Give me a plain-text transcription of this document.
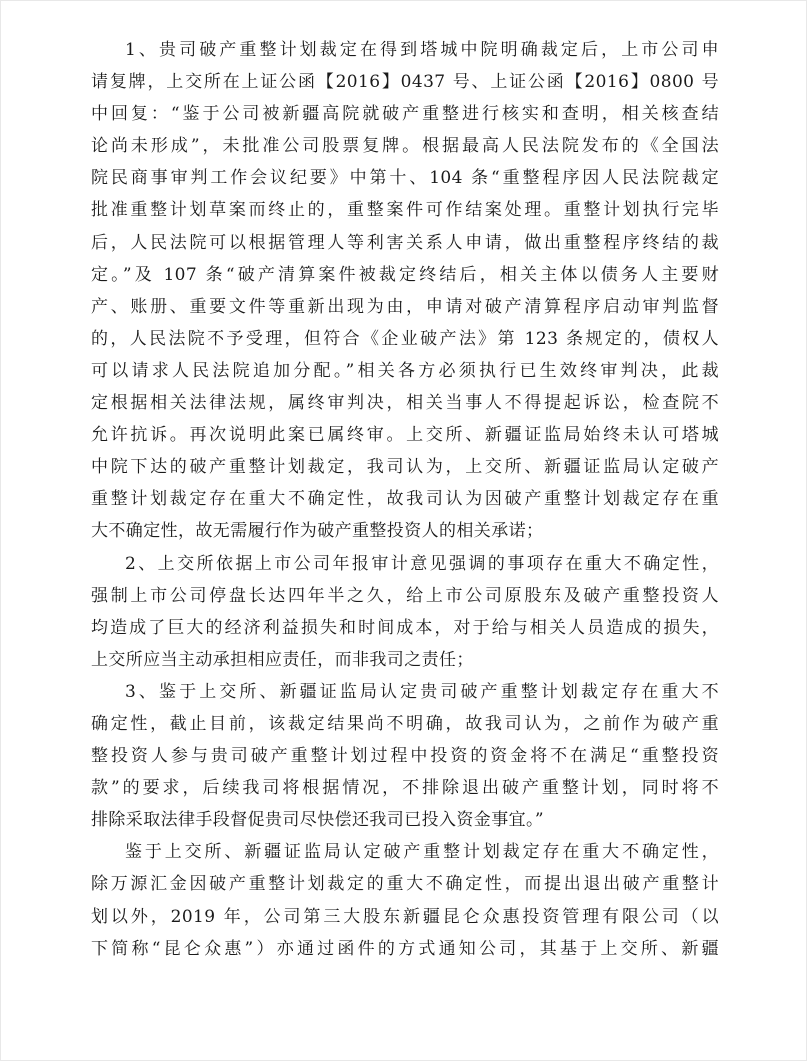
1、贵司破产重整计划裁定在得到塔城中院明确裁定后，上市公司申
请复牌，上交所在上证公函【2016】0437 号、上证公函【2016】0800 号
中回复：“鉴于公司被新疆高院就破产重整进行核实和查明，相关核查结
论尚未形成”，未批准公司股票复牌。根据最高人民法院发布的《全国法
院民商事审判工作会议纪要》中第十、104 条“重整程序因人民法院裁定
批准重整计划草案而终止的，重整案件可作结案处理。重整计划执行完毕
后，人民法院可以根据管理人等利害关系人申请，做出重整程序终结的裁
定。”及 107 条“破产清算案件被裁定终结后，相关主体以债务人主要财
产、账册、重要文件等重新出现为由，申请对破产清算程序启动审判监督
的，人民法院不予受理，但符合《企业破产法》第 123 条规定的，债权人
可以请求人民法院追加分配。”相关各方必须执行已生效终审判决，此裁
定根据相关法律法规，属终审判决，相关当事人不得提起诉讼，检查院不
允许抗诉。再次说明此案已属终审。上交所、新疆证监局始终未认可塔城
中院下达的破产重整计划裁定，我司认为，上交所、新疆证监局认定破产
重整计划裁定存在重大不确定性，故我司认为因破产重整计划裁定存在重
大不确定性，故无需履行作为破产重整投资人的相关承诺；
2、上交所依据上市公司年报审计意见强调的事项存在重大不确定性，
强制上市公司停盘长达四年半之久，给上市公司原股东及破产重整投资人
均造成了巨大的经济利益损失和时间成本，对于给与相关人员造成的损失，
上交所应当主动承担相应责任，而非我司之责任；
3、鉴于上交所、新疆证监局认定贵司破产重整计划裁定存在重大不
确定性，截止目前，该裁定结果尚不明确，故我司认为，之前作为破产重
整投资人参与贵司破产重整计划过程中投资的资金将不在满足“重整投资
款”的要求，后续我司将根据情况，不排除退出破产重整计划，同时将不
排除采取法律手段督促贵司尽快偿还我司已投入资金事宜。”
鉴于上交所、新疆证监局认定破产重整计划裁定存在重大不确定性，
除万源汇金因破产重整计划裁定的重大不确定性，而提出退出破产重整计
划以外，2019 年，公司第三大股东新疆昆仑众惠投资管理有限公司（以
下简称“昆仑众惠”）亦通过函件的方式通知公司，其基于上交所、新疆
